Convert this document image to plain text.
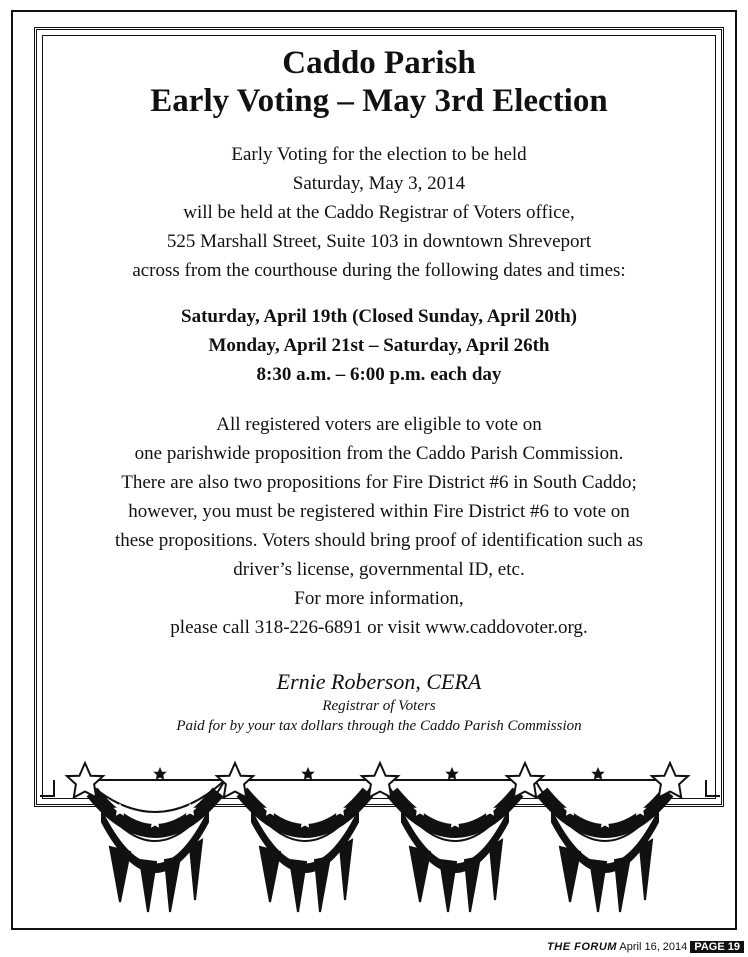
Caddo Parish
Early Voting – May 3rd Election
Early Voting for the election to be held
Saturday, May 3, 2014
will be held at the Caddo Registrar of Voters office,
525 Marshall Street, Suite 103 in downtown Shreveport
across from the courthouse during the following dates and times:
Saturday, April 19th (Closed Sunday, April 20th)
Monday, April 21st – Saturday, April 26th
8:30 a.m. – 6:00 p.m. each day
All registered voters are eligible to vote on
one parishwide proposition from the Caddo Parish Commission.
There are also two propositions for Fire District #6 in South Caddo;
however, you must be registered within Fire District #6 to vote on
these propositions. Voters should bring proof of identification such as
driver’s license, governmental ID, etc.
For more information,
please call 318-226-6891 or visit www.caddovoter.org.
Ernie Roberson, CERA
Registrar of Voters
Paid for by your tax dollars through the Caddo Parish Commission
THE FORUM April 16, 2014 PAGE 19
